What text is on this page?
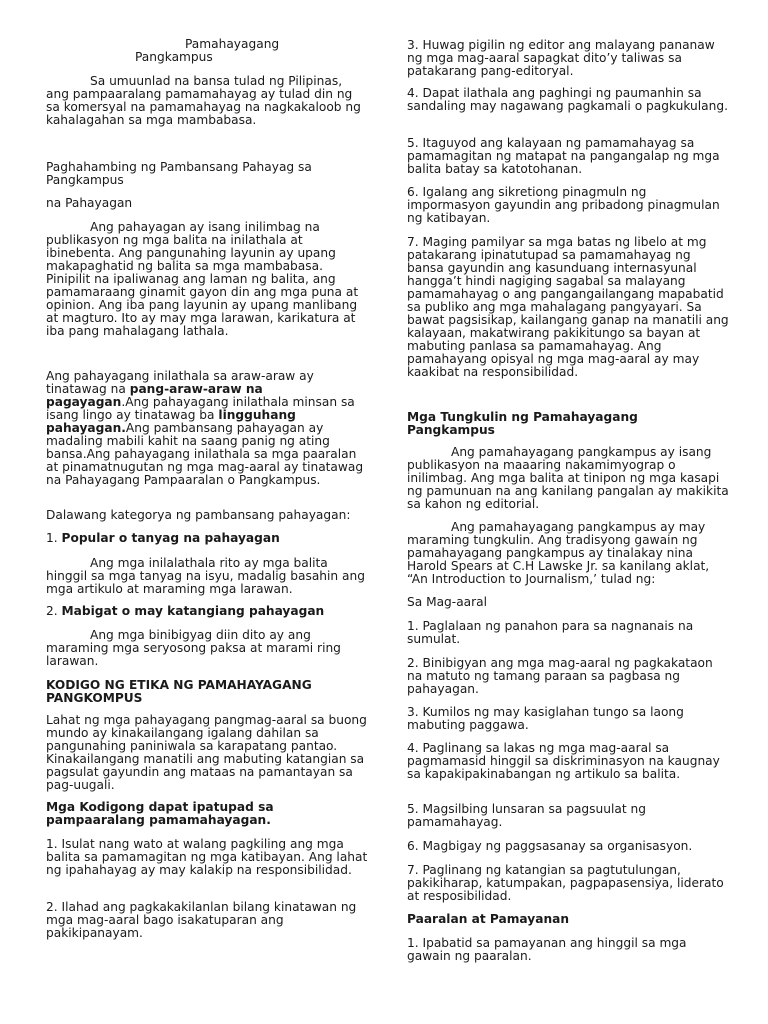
Pamahayagang

Pangkampus

Sa umuunlad na bansa tulad ng Pilipinas, ang pampaaralang pamamahayag ay tulad din ng sa komersyal na pamamahayag na nagkakaloob ng kahalagahan sa mga mambabasa.

Paghahambing ng Pambansang Pahayag sa Pangkampus

na Pahayagan

Ang pahayagan ay isang inilimbag na publikasyon ng mga balita na inilathala at ibinebenta. Ang pangunahing layunin ay upang makapaghatid ng balita sa mga mambabasa. Pinipilit na ipaliwanag ang laman ng balita, ang pamamaraang ginamit gayon din ang mga puna at opinion. Ang iba pang layunin ay upang manlibang at magturo. Ito ay may mga larawan, karikatura at iba pang mahalagang lathala.

Ang pahayagang inilathala sa araw-araw ay tinatawag na pang-araw-araw na pagayagan.Ang pahayagang inilathala minsan sa isang lingo ay tinatawag ba lingguhang pahayagan.Ang pambansang pahayagan ay madaling mabili kahit na saang panig ng ating bansa.Ang pahayagang inilathala sa mga paaralan at pinamatnugutan ng mga mag-aaral ay tinatawag na Pahayagang Pampaaralan o Pangkampus.

Dalawang kategorya ng pambansang pahayagan:

1. Popular o tanyag na pahayagan

Ang mga inilalathala rito ay mga balita hinggil sa mga tanyag na isyu, madalig basahin ang mga artikulo at maraming mga larawan.

2. Mabigat o may katangiang pahayagan

Ang mga binibigyag diin dito ay ang maraming mga seryosong paksa at marami ring larawan.

KODIGO NG ETIKA NG PAMAHAYAGANG PANGKOMPUS

Lahat ng mga pahayagang pangmag-aaral sa buong mundo ay kinakailangang igalang dahilan sa pangunahing paniniwala sa karapatang pantao. Kinakailangang manatili ang mabuting katangian sa pagsulat gayundin ang mataas na pamantayan sa pag-uugali.

Mga Kodigong dapat ipatupad sa pampaaralang pamamahayagan.

1. Isulat nang wato at walang pagkiling ang mga balita sa pamamagitan ng mga katibayan. Ang lahat ng ipahahayag ay may kalakip na responsibilidad.

2. Ilahad ang pagkakakilanlan bilang kinatawan ng mga mag-aaral bago isakatuparan ang pakikipanayam.

3. Huwag pigilin ng editor ang malayang pananaw ng mga mag-aaral sapagkat dito’y taliwas sa patakarang pang-editoryal.

4. Dapat ilathala ang paghingi ng paumanhin sa sandaling may nagawang pagkamali o pagkukulang.

5. Itaguyod ang kalayaan ng pamamahayag sa pamamagitan ng matapat na pangangalap ng mga balita batay sa katotohanan.

6. Igalang ang sikretiong pinagmuln ng impormasyon gayundin ang pribadong pinagmulan ng katibayan.

7. Maging pamilyar sa mga batas ng libelo at mg patakarang ipinatutupad sa pamamahayag ng bansa gayundin ang kasunduang internasyunal hangga’t hindi nagiging sagabal sa malayang pamamahayag o ang pangangailangang mapabatid sa publiko ang mga mahalagang pangyayari. Sa bawat pagsisikap, kailangang ganap na manatili ang kalayaan, makatwirang pakikitungo sa bayan at mabuting panlasa sa pamamahayag. Ang pamahayang opisyal ng mga mag-aaral ay may kaakibat na responsibilidad.

Mga Tungkulin ng Pamahayagang Pangkampus

Ang pamahayagang pangkampus ay isang publikasyon na maaaring nakamimyograp o inilimbag. Ang mga balita at tinipon ng mga kasapi ng pamunuan na ang kanilang pangalan ay makikita sa kahon ng editorial.

Ang pamahayagang pangkampus ay may maraming tungkulin. Ang tradisyong gawain ng pamahayagang pangkampus ay tinalakay nina Harold Spears at C.H Lawske Jr. sa kanilang aklat, “An Introduction to Journalism,’ tulad ng:

Sa Mag-aaral

1. Paglalaan ng panahon para sa nagnanais na sumulat.

2. Binibigyan ang mga mag-aaral ng pagkakataon na matuto ng tamang paraan sa pagbasa ng pahayagan.

3. Kumilos ng may kasiglahan tungo sa laong mabuting paggawa.

4. Paglinang sa lakas ng mga mag-aaral sa pagmamasid hinggil sa diskriminasyon na kaugnay sa kapakipakinabangan ng artikulo sa balita.

5. Magsilbing lunsaran sa pagsuulat ng pamamahayag.

6. Magbigay ng paggsasanay sa organisasyon.

7. Paglinang ng katangian sa pagtutulungan, pakikiharap, katumpakan, pagpapasensiya, liderato at resposibilidad.

Paaralan at Pamayanan

1. Ipabatid sa pamayanan ang hinggil sa mga gawain ng paaralan.
